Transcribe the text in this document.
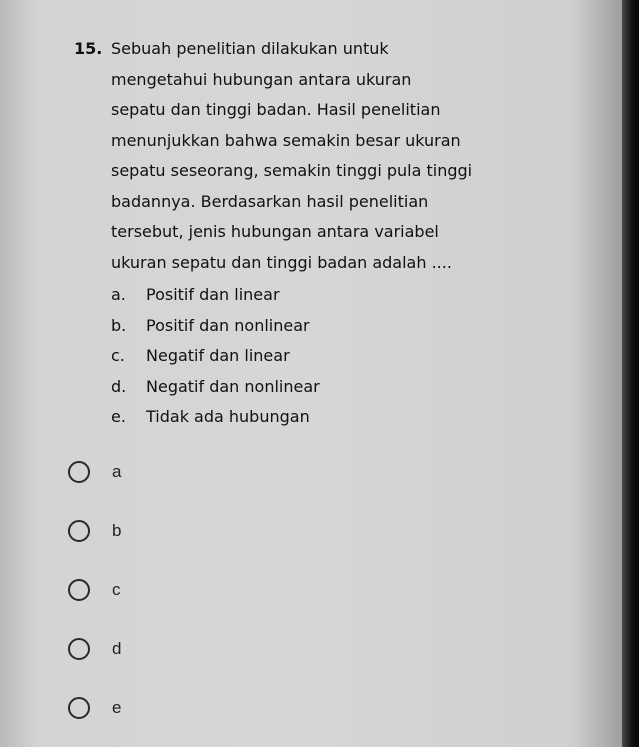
15. Sebuah penelitian dilakukan untuk
mengetahui hubungan antara ukuran
sepatu dan tinggi badan. Hasil penelitian
menunjukkan bahwa semakin besar ukuran
sepatu seseorang, semakin tinggi pula tinggi
badannya. Berdasarkan hasil penelitian
tersebut, jenis hubungan antara variabel
ukuran sepatu dan tinggi badan adalah ....
a. Positif dan linear
b. Positif dan nonlinear
c. Negatif dan linear
d. Negatif dan nonlinear
e. Tidak ada hubungan
a
b
c
d
e
